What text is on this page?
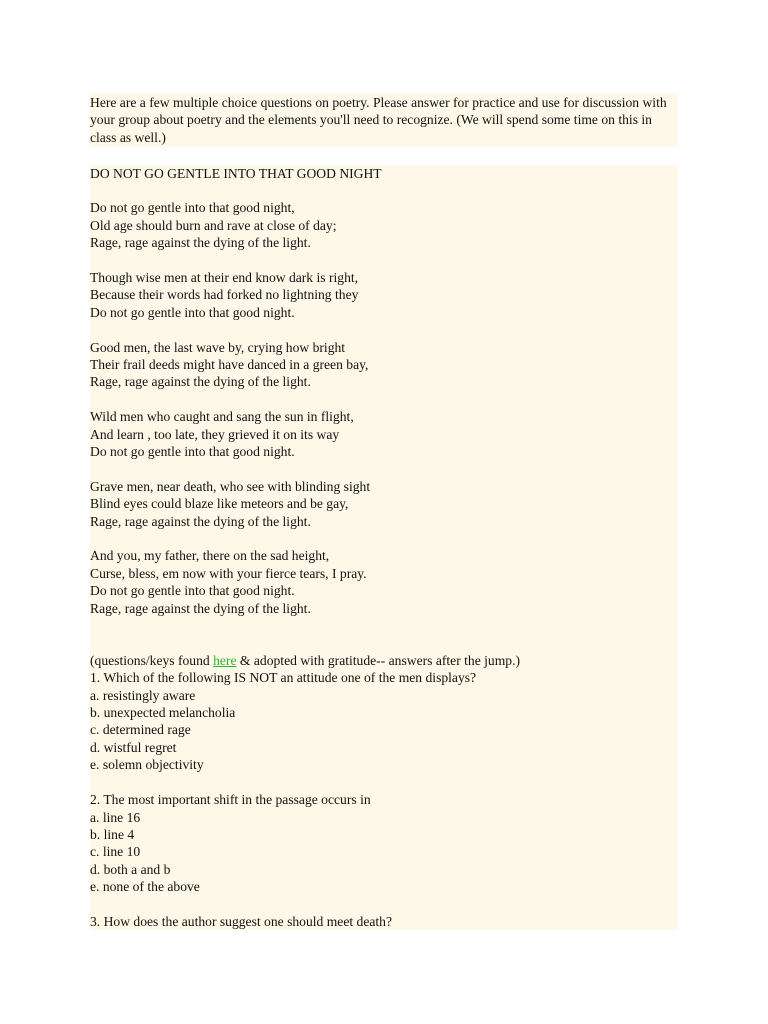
Here are a few multiple choice questions on poetry. Please answer for practice and use for discussion with your group about poetry and the elements you'll need to recognize. (We will spend some time on this in class as well.)
DO NOT GO GENTLE INTO THAT GOOD NIGHT
Do not go gentle into that good night,
Old age should burn and rave at close of day;
Rage, rage against the dying of the light.
Though wise men at their end know dark is right,
Because their words had forked no lightning they
Do not go gentle into that good night.
Good men, the last wave by, crying how bright
Their frail deeds might have danced in a green bay,
Rage, rage against the dying of the light.
Wild men who caught and sang the sun in flight,
And learn , too late, they grieved it on its way
Do not go gentle into that good night.
Grave men, near death, who see with blinding sight
Blind eyes could blaze like meteors and be gay,
Rage, rage against the dying of the light.
And you, my father, there on the sad height,
Curse, bless, em now with your fierce tears, I pray.
Do not go gentle into that good night.
Rage, rage against the dying of the light.
(questions/keys found here & adopted with gratitude-- answers after the jump.)
1. Which of the following IS NOT an attitude one of the men displays?
a. resistingly aware
b. unexpected melancholia
c. determined rage
d. wistful regret
e. solemn objectivity
2. The most important shift in the passage occurs in
a. line 16
b. line 4
c. line 10
d. both a and b
e. none of the above
3. How does the author suggest one should meet death?
